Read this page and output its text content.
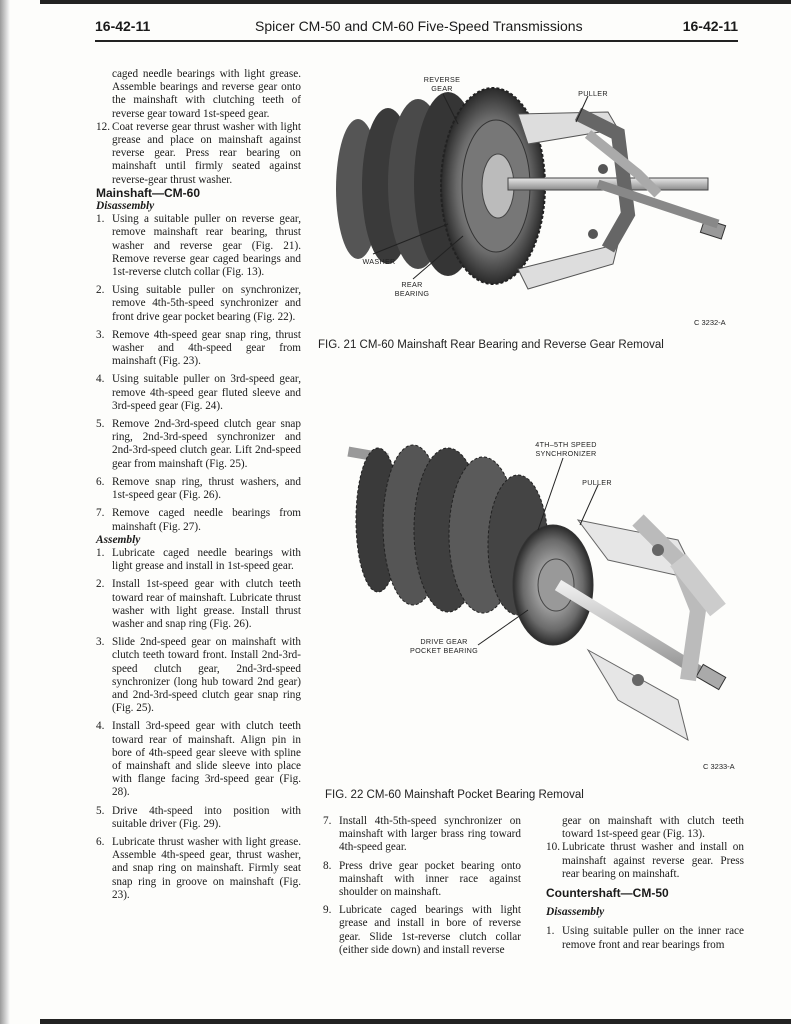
16-42-11	Spicer CM-50 and CM-60 Five-Speed Transmissions	16-42-11
caged needle bearings with light grease. Assemble bearings and reverse gear onto the mainshaft with clutching teeth of reverse gear toward 1st-speed gear.
12. Coat reverse gear thrust washer with light grease and place on mainshaft against reverse gear. Press rear bearing on mainshaft until firmly seated against reverse-gear thrust washer.

Mainshaft—CM-60

Disassembly

1. Using a suitable puller on reverse gear, remove mainshaft rear bearing, thrust washer and reverse gear (Fig. 21). Remove reverse gear caged bearings and 1st-reverse clutch collar (Fig. 13).
2. Using suitable puller on synchronizer, remove 4th-5th-speed synchronizer and front drive gear pocket bearing (Fig. 22).
3. Remove 4th-speed gear snap ring, thrust washer and 4th-speed gear from mainshaft (Fig. 23).
4. Using suitable puller on 3rd-speed gear, remove 4th-speed gear fluted sleeve and 3rd-speed gear (Fig. 24).
5. Remove 2nd-3rd-speed clutch gear snap ring, 2nd-3rd-speed synchronizer and 2nd-3rd-speed clutch gear. Lift 2nd-speed gear from mainshaft (Fig. 25).
6. Remove snap ring, thrust washers, and 1st-speed gear (Fig. 26).
7. Remove caged needle bearings from mainshaft (Fig. 27).

Assembly

1. Lubricate caged needle bearings with light grease and install in 1st-speed gear.
2. Install 1st-speed gear with clutch teeth toward rear of mainshaft. Lubricate thrust washer with light grease. Install thrust washer and snap ring (Fig. 26).
3. Slide 2nd-speed gear on mainshaft with clutch teeth toward front. Install 2nd-3rd-speed clutch gear, 2nd-3rd-speed synchronizer (long hub toward 2nd gear) and 2nd-3rd-speed clutch gear snap ring (Fig. 25).
4. Install 3rd-speed gear with clutch teeth toward rear of mainshaft. Align pin in bore of 4th-speed gear sleeve with spline of mainshaft and slide sleeve into place with flange facing 3rd-speed gear (Fig. 28).
5. Drive 4th-speed into position with suitable driver (Fig. 29).
6. Lubricate thrust washer with light grease. Assemble 4th-speed gear, thrust washer, and snap ring on mainshaft. Firmly seat snap ring in groove on mainshaft (Fig. 23).
REVERSE
GEAR
PULLER
WASHER
REAR
BEARING
C 3232-A
FIG. 21 CM-60 Mainshaft Rear Bearing and Reverse Gear Removal
4TH–5TH SPEED
SYNCHRONIZER
PULLER
DRIVE GEAR
POCKET BEARING
C 3233-A
FIG. 22 CM-60 Mainshaft Pocket Bearing Removal
7. Install 4th-5th-speed synchronizer on mainshaft with larger brass ring toward 4th-speed gear.
8. Press drive gear pocket bearing onto mainshaft with inner race against shoulder on mainshaft.
9. Lubricate caged bearings with light grease and install in bore of reverse gear. Slide 1st-reverse clutch collar (either side down) and install reverse
gear on mainshaft with clutch teeth toward 1st-speed gear (Fig. 13).
10. Lubricate thrust washer and install on mainshaft against reverse gear. Press rear bearing on mainshaft.

Countershaft—CM-50

Disassembly

1. Using suitable puller on the inner race remove front and rear bearings from
